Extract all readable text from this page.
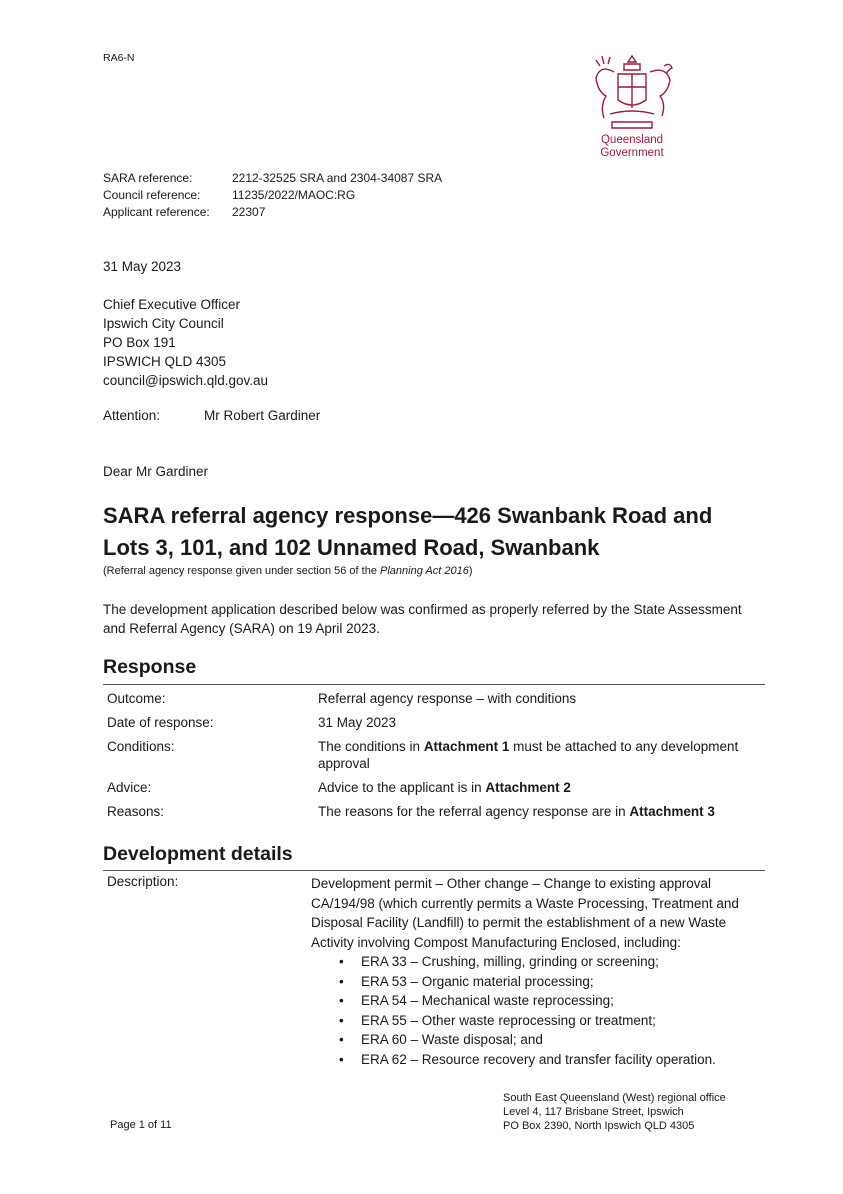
RA6-N
Queensland
Government
SARA reference:	2212-32525 SRA and 2304-34087 SRA
Council reference:	11235/2022/MAOC:RG
Applicant reference:	22307
31 May 2023
Chief Executive Officer
Ipswich City Council
PO Box 191
IPSWICH QLD 4305
council@ipswich.qld.gov.au
Attention:	Mr Robert Gardiner
Dear Mr Gardiner
SARA referral agency response—426 Swanbank Road and Lots 3, 101, and 102 Unnamed Road, Swanbank
(Referral agency response given under section 56 of the Planning Act 2016)
The development application described below was confirmed as properly referred by the State Assessment and Referral Agency (SARA) on 19 April 2023.
Response
Outcome:	Referral agency response – with conditions
Date of response:	31 May 2023
Conditions:	The conditions in Attachment 1 must be attached to any development approval
Advice:	Advice to the applicant is in Attachment 2
Reasons:	The reasons for the referral agency response are in Attachment 3
Development details
Description:	Development permit – Other change – Change to existing approval CA/194/98 (which currently permits a Waste Processing, Treatment and Disposal Facility (Landfill) to permit the establishment of a new Waste Activity involving Compost Manufacturing Enclosed, including:
• ERA 33 – Crushing, milling, grinding or screening;
• ERA 53 – Organic material processing;
• ERA 54 – Mechanical waste reprocessing;
• ERA 55 – Other waste reprocessing or treatment;
• ERA 60 – Waste disposal; and
• ERA 62 – Resource recovery and transfer facility operation.
South East Queensland (West) regional office
Level 4, 117 Brisbane Street, Ipswich
PO Box 2390, North Ipswich QLD 4305
Page 1 of 11
